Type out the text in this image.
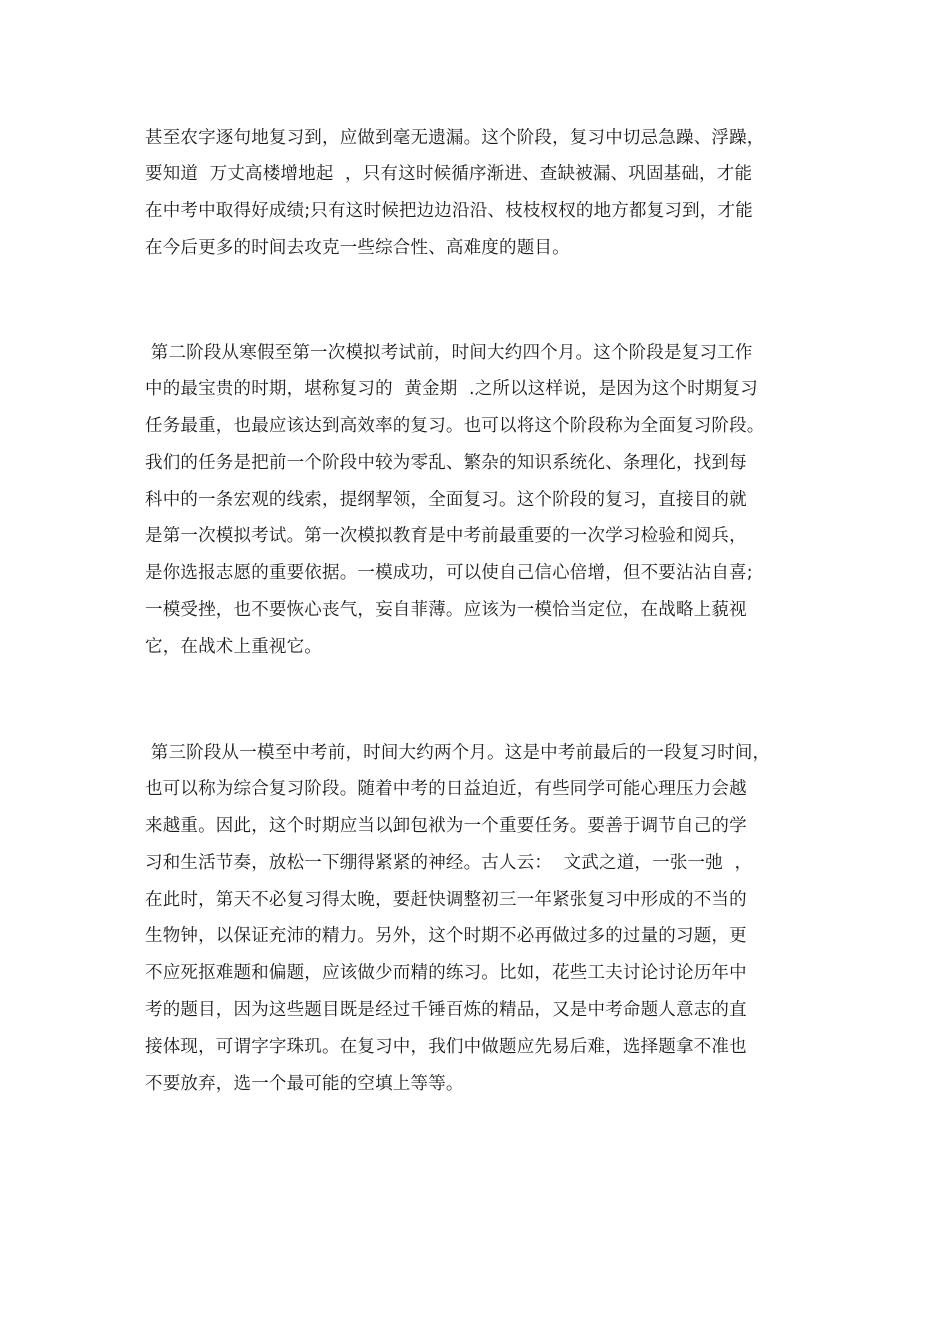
甚至农字逐句地复习到，应做到毫无遗漏。这个阶段，复习中切忌急躁、浮躁，
要知道  万丈高楼增地起  ，只有这时候循序渐进、查缺被漏、巩固基础，才能
在中考中取得好成绩;只有这时候把边边沿沿、枝枝杈杈的地方都复习到，才能
在今后更多的时间去攻克一些综合性、高难度的题目。
第二阶段从寒假至第一次模拟考试前，时间大约四个月。这个阶段是复习工作
中的最宝贵的时期，堪称复习的  黄金期  .之所以这样说，是因为这个时期复习
任务最重，也最应该达到高效率的复习。也可以将这个阶段称为全面复习阶段。
我们的任务是把前一个阶段中较为零乱、繁杂的知识系统化、条理化，找到每
科中的一条宏观的线索，提纲挈领，全面复习。这个阶段的复习，直接目的就
是第一次模拟考试。第一次模拟教育是中考前最重要的一次学习检验和阅兵，
是你选报志愿的重要依据。一模成功，可以使自己信心倍增，但不要沾沾自喜;
一模受挫，也不要恢心丧气，妄自菲薄。应该为一模恰当定位，在战略上藐视
它，在战术上重视它。
第三阶段从一模至中考前，时间大约两个月。这是中考前最后的一段复习时间，
也可以称为综合复习阶段。随着中考的日益迫近，有些同学可能心理压力会越
来越重。因此，这个时期应当以卸包袱为一个重要任务。要善于调节自己的学
习和生活节奏，放松一下绷得紧紧的神经。古人云：  文武之道，一张一弛  ，
在此时，第天不必复习得太晚，要赶快调整初三一年紧张复习中形成的不当的
生物钟，以保证充沛的精力。另外，这个时期不必再做过多的过量的习题，更
不应死抠难题和偏题，应该做少而精的练习。比如，花些工夫讨论讨论历年中
考的题目，因为这些题目既是经过千锤百炼的精品，又是中考命题人意志的直
接体现，可谓字字珠玑。在复习中，我们中做题应先易后难，选择题拿不准也
不要放弃，选一个最可能的空填上等等。
